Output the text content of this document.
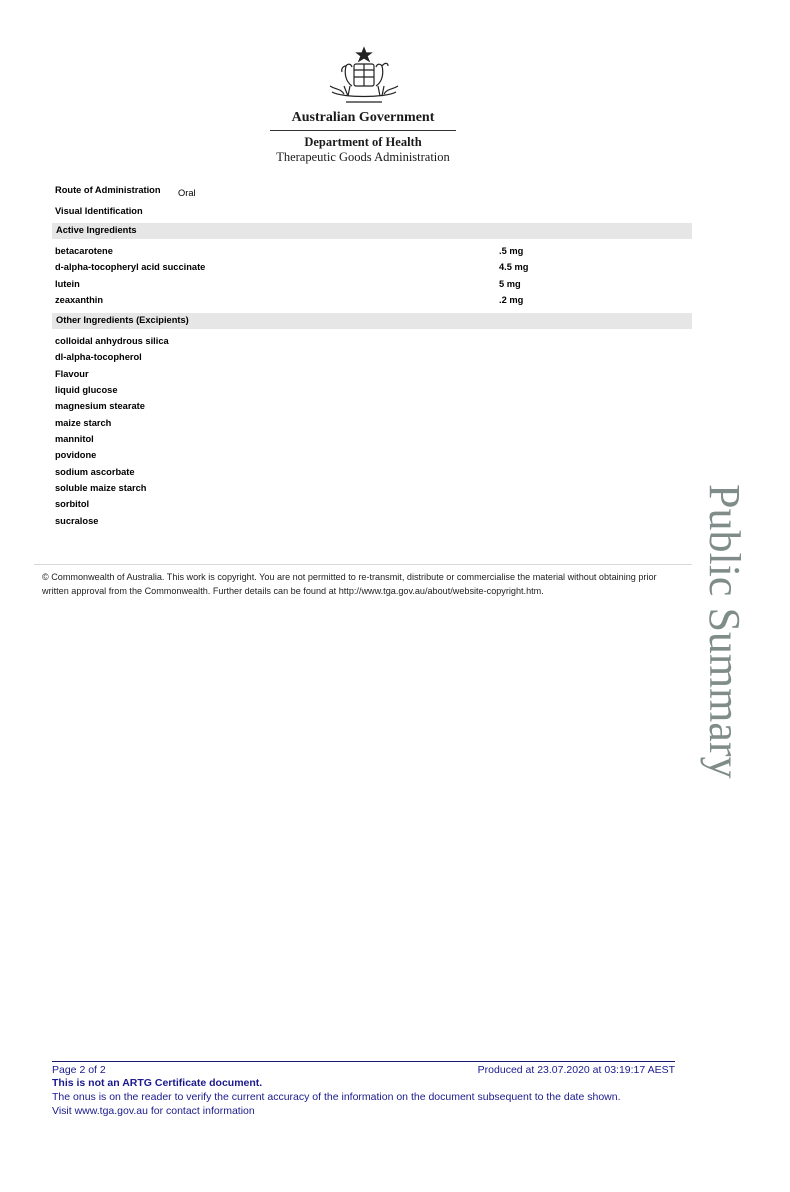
Australian Government
Department of Health
Therapeutic Goods Administration
Route of Administration Oral
Visual Identification
Active Ingredients
betacarotene	.5 mg
d-alpha-tocopheryl acid succinate	4.5 mg
lutein	5 mg
zeaxanthin	.2 mg
Other Ingredients (Excipients)
colloidal anhydrous silica
dl-alpha-tocopherol
Flavour
liquid glucose
magnesium stearate
maize starch
mannitol
povidone
sodium ascorbate
soluble maize starch
sorbitol
sucralose
© Commonwealth of Australia. This work is copyright. You are not permitted to re-transmit, distribute or commercialise the material without obtaining prior
written approval from the Commonwealth. Further details can be found at http://www.tga.gov.au/about/website-copyright.htm.	Public Summary
Page 2 of 2	Produced at 23.07.2020 at 03:19:17 AEST
This is not an ARTG Certificate document.
The onus is on the reader to verify the current accuracy of the information on the document subsequent to the date shown.
Visit www.tga.gov.au for contact information
